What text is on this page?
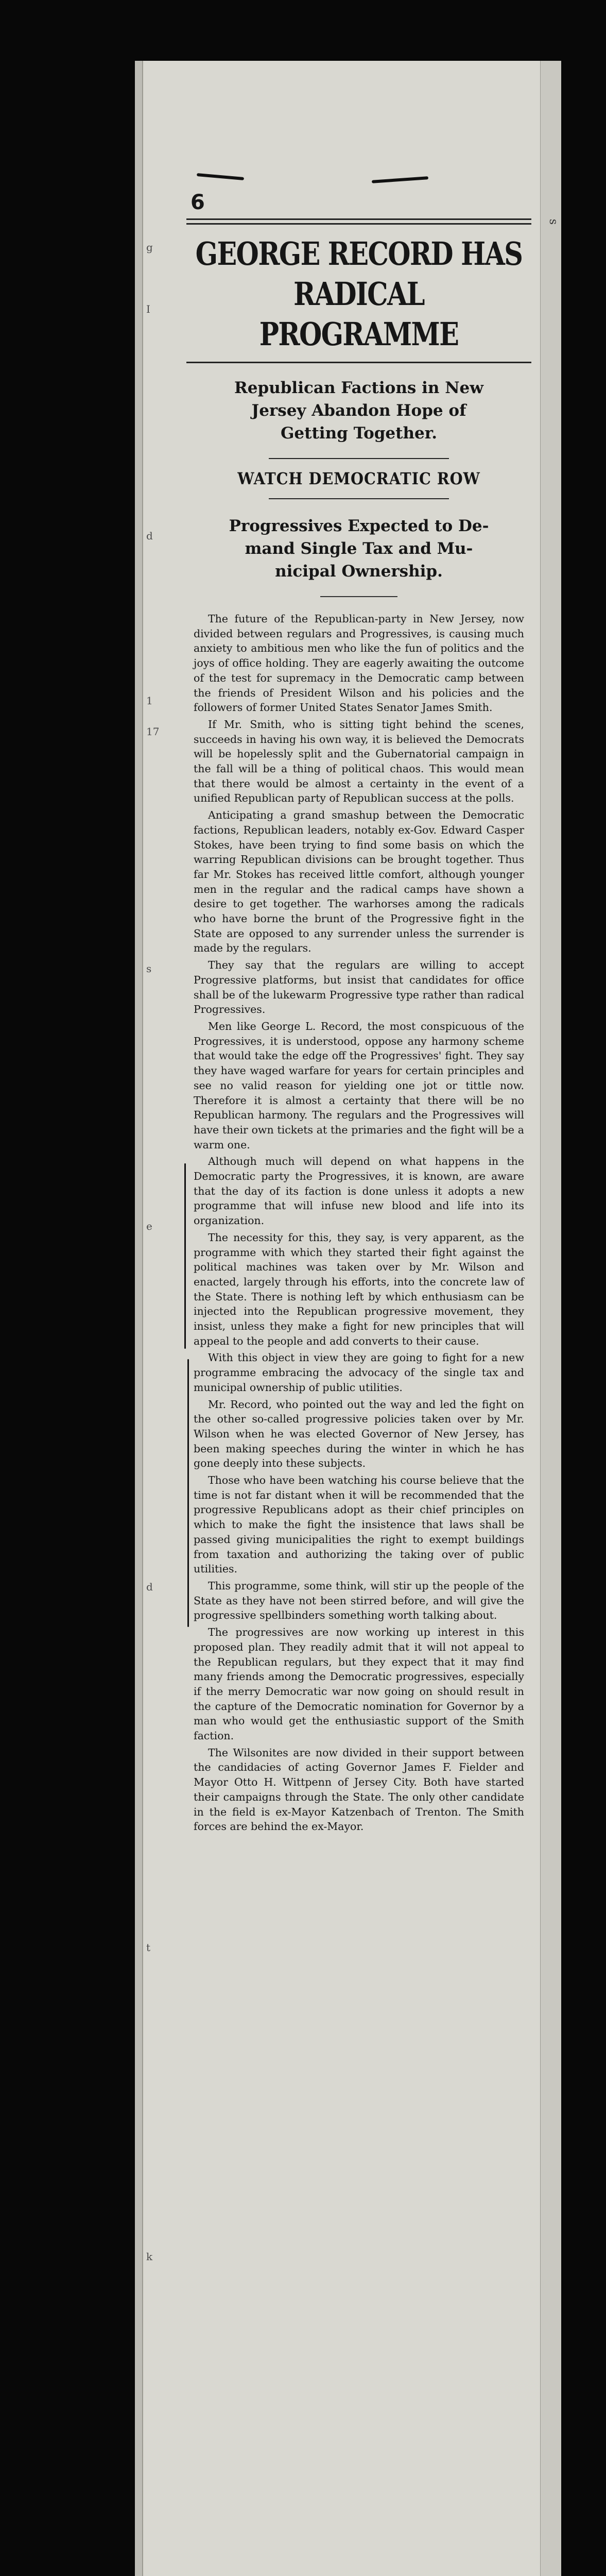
s
g
I
d
1
17
s
e
d
t
k
6
GEORGE RECORD HAS
RADICAL PROGRAMME
Republican Factions in New
Jersey Abandon Hope of
Getting Together.
WATCH DEMOCRATIC ROW
Progressives Expected to De-
mand Single Tax and Mu-
nicipal Ownership.

The future of the Republican-party in New Jersey, now divided between regulars and Progressives, is causing much anxiety to ambitious men who like the fun of politics and the joys of office holding. They are eagerly awaiting the outcome of the test for supremacy in the Democratic camp between the friends of President Wilson and his policies and the followers of former United States Senator James Smith.

If Mr. Smith, who is sitting tight behind the scenes, succeeds in having his own way, it is believed the Democrats will be hopelessly split and the Gubernatorial campaign in the fall will be a thing of political chaos. This would mean that there would be almost a certainty in the event of a unified Republican party of Republican success at the polls.

Anticipating a grand smashup between the Democratic factions, Republican leaders, notably ex-Gov. Edward Casper Stokes, have been trying to find some basis on which the warring Republican divisions can be brought together. Thus far Mr. Stokes has received little comfort, although younger men in the regular and the radical camps have shown a desire to get together. The warhorses among the radicals who have borne the brunt of the Progressive fight in the State are opposed to any surrender unless the surrender is made by the regulars.

They say that the regulars are willing to accept Progressive platforms, but insist that candidates for office shall be of the lukewarm Progressive type rather than radical Progressives.

Men like George L. Record, the most conspicuous of the Progressives, it is understood, oppose any harmony scheme that would take the edge off the Progressives' fight. They say they have waged warfare for years for certain principles and see no valid reason for yielding one jot or tittle now. Therefore it is almost a certainty that there will be no Republican harmony. The regulars and the Progressives will have their own tickets at the primaries and the fight will be a warm one.

Although much will depend on what happens in the Democratic party the Progressives, it is known, are aware that the day of its faction is done unless it adopts a new programme that will infuse new blood and life into its organization.

The necessity for this, they say, is very apparent, as the programme with which they started their fight against the political machines was taken over by Mr. Wilson and enacted, largely through his efforts, into the concrete law of the State. There is nothing left by which enthusiasm can be injected into the Republican progressive movement, they insist, unless they make a fight for new principles that will appeal to the people and add converts to their cause.

With this object in view they are going to fight for a new programme embracing the advocacy of the single tax and municipal ownership of public utilities.

Mr. Record, who pointed out the way and led the fight on the other so-called progressive policies taken over by Mr. Wilson when he was elected Governor of New Jersey, has been making speeches during the winter in which he has gone deeply into these subjects.

Those who have been watching his course believe that the time is not far distant when it will be recommended that the progressive Republicans adopt as their chief principles on which to make the fight the insistence that laws shall be passed giving municipalities the right to exempt buildings from taxation and authorizing the taking over of public utilities.

This programme, some think, will stir up the people of the State as they have not been stirred before, and will give the progressive spellbinders something worth talking about.

The progressives are now working up interest in this proposed plan. They readily admit that it will not appeal to the Republican regulars, but they expect that it may find many friends among the Democratic progressives, especially if the merry Democratic war now going on should result in the capture of the Democratic nomination for Governor by a man who would get the enthusiastic support of the Smith faction.

The Wilsonites are now divided in their support between the candidacies of acting Governor James F. Fielder and Mayor Otto H. Wittpenn of Jersey City. Both have started their campaigns through the State. The only other candidate in the field is ex-Mayor Katzenbach of Trenton. The Smith forces are behind the ex-Mayor.
